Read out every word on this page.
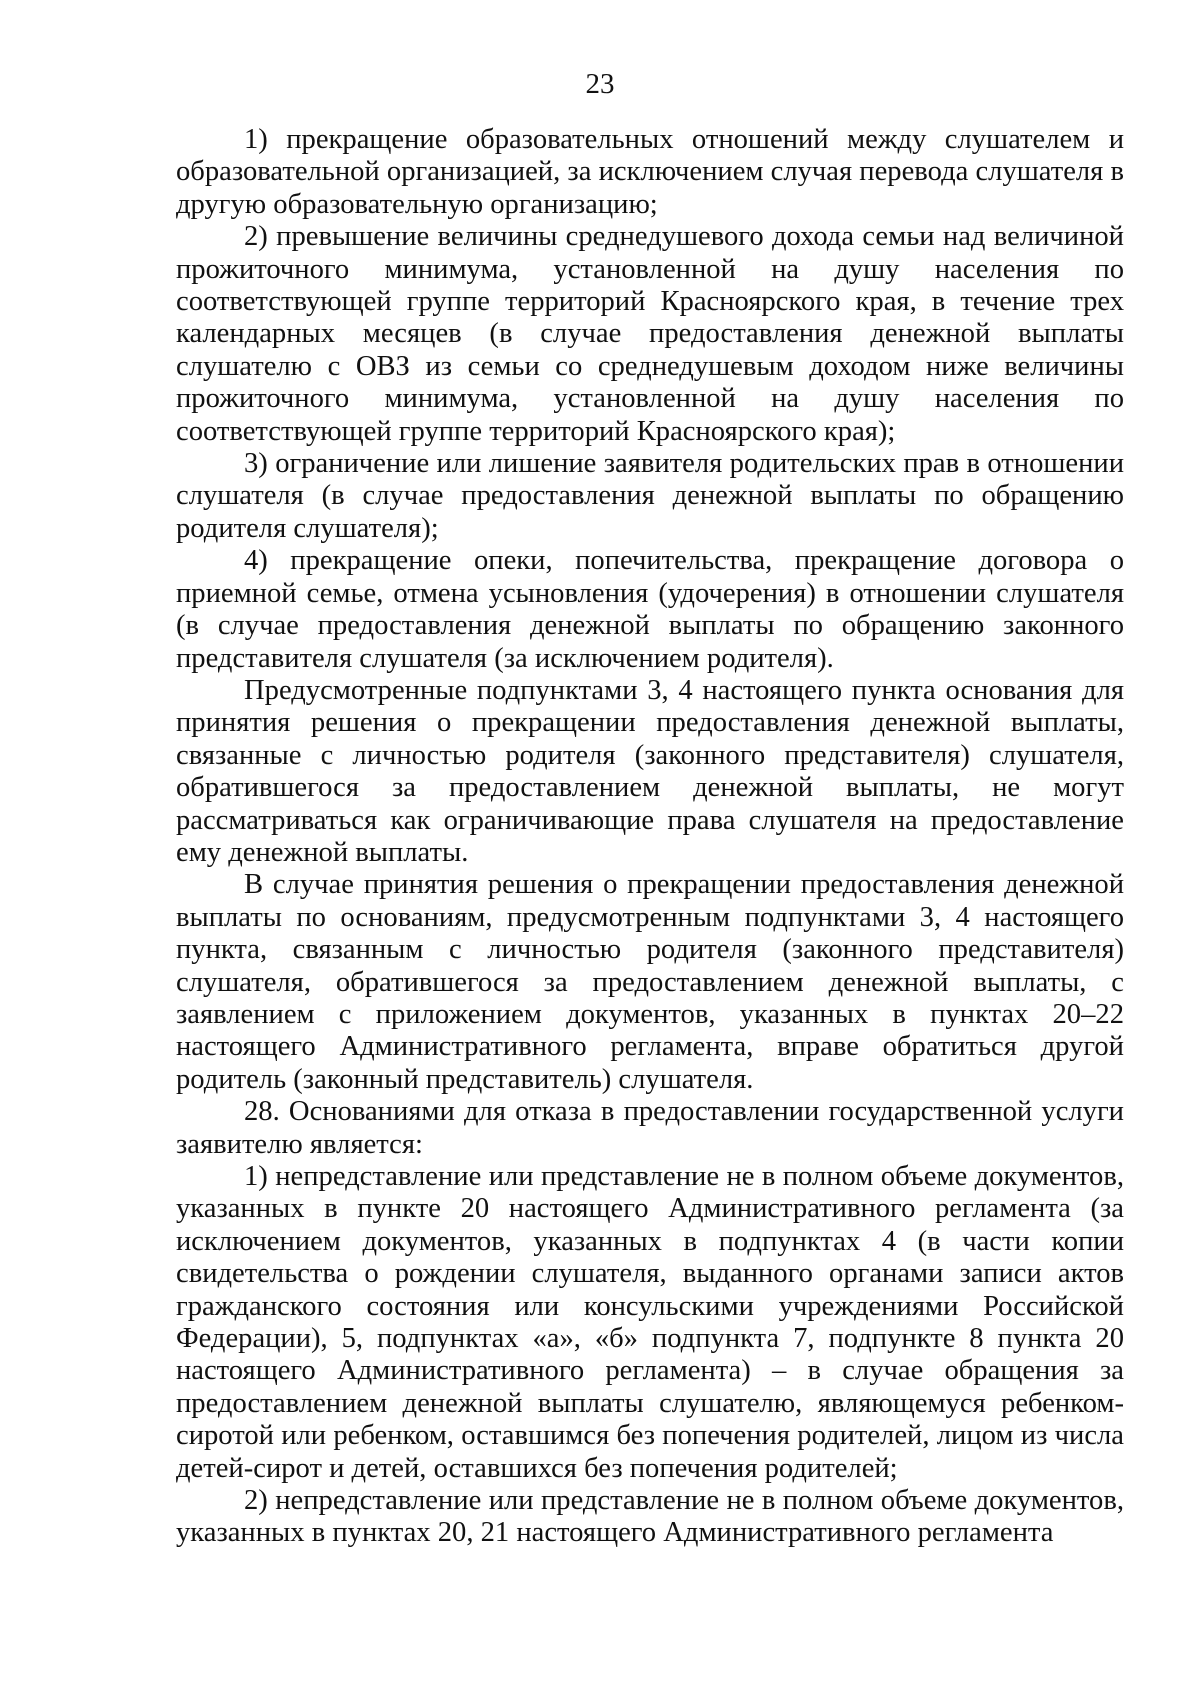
23

1) прекращение образовательных отношений между слушателем и образовательной организацией, за исключением случая перевода слушателя в другую образовательную организацию;

2) превышение величины среднедушевого дохода семьи над величиной прожиточного минимума, установленной на душу населения по соответствующей группе территорий Красноярского края, в течение трех календарных месяцев (в случае предоставления денежной выплаты слушателю с ОВЗ из семьи со среднедушевым доходом ниже величины прожиточного минимума, установленной на душу населения по соответствующей группе территорий Красноярского края);

3) ограничение или лишение заявителя родительских прав в отношении слушателя (в случае предоставления денежной выплаты по обращению родителя слушателя);

4) прекращение опеки, попечительства, прекращение договора о приемной семье, отмена усыновления (удочерения) в отношении слушателя (в случае предоставления денежной выплаты по обращению законного представителя слушателя (за исключением родителя).

Предусмотренные подпунктами 3, 4 настоящего пункта основания для принятия решения о прекращении предоставления денежной выплаты, связанные с личностью родителя (законного представителя) слушателя, обратившегося за предоставлением денежной выплаты, не могут рассматриваться как ограничивающие права слушателя на предоставление ему денежной выплаты.

В случае принятия решения о прекращении предоставления денежной выплаты по основаниям, предусмотренным подпунктами 3, 4 настоящего пункта, связанным с личностью родителя (законного представителя) слушателя, обратившегося за предоставлением денежной выплаты, с заявлением с приложением документов, указанных в пунктах 20–22 настоящего Административного регламента, вправе обратиться другой родитель (законный представитель) слушателя.

28. Основаниями для отказа в предоставлении государственной услуги заявителю является:

1) непредставление или представление не в полном объеме документов, указанных в пункте 20 настоящего Административного регламента (за исключением документов, указанных в подпунктах 4 (в части копии свидетельства о рождении слушателя, выданного органами записи актов гражданского состояния или консульскими учреждениями Российской Федерации), 5, подпунктах «а», «б» подпункта 7, подпункте 8 пункта 20 настоящего Административного регламента) – в случае обращения за предоставлением денежной выплаты слушателю, являющемуся ребенком-сиротой или ребенком, оставшимся без попечения родителей, лицом из числа детей-сирот и детей, оставшихся без попечения родителей;

2) непредставление или представление не в полном объеме документов, указанных в пунктах 20, 21 настоящего Административного регламента
